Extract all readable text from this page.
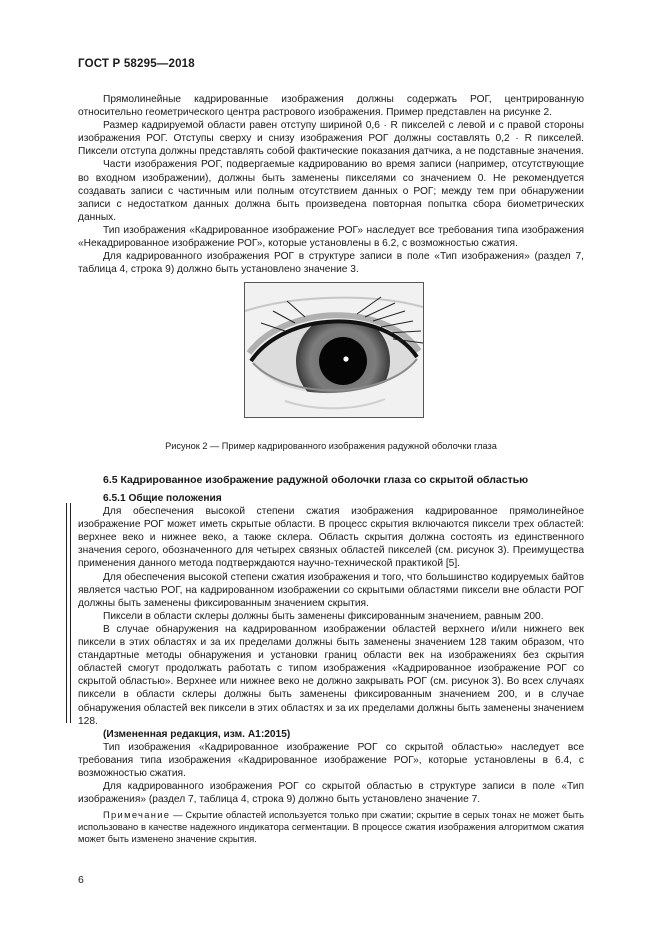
ГОСТ Р 58295—2018

Прямолинейные кадрированные изображения должны содержать РОГ, центрированную относительно геометрического центра растрового изображения. Пример представлен на рисунке 2.

Размер кадрируемой области равен отступу шириной 0,6 · R пикселей с левой и с правой стороны изображения РОГ. Отступы сверху и снизу изображения РОГ должны составлять 0,2 · R пикселей. Пиксели отступа должны представлять собой фактические показания датчика, а не подставные значения.

Части изображения РОГ, подвергаемые кадрированию во время записи (например, отсутствующие во входном изображении), должны быть заменены пикселями со значением 0. Не рекомендуется создавать записи с частичным или полным отсутствием данных о РОГ; между тем при обнаружении записи с недостатком данных должна быть произведена повторная попытка сбора биометрических данных.

Тип изображения «Кадрированное изображение РОГ» наследует все требования типа изображения «Некадрированное изображение РОГ», которые установлены в 6.2, с возможностью сжатия.

Для кадрированного изображения РОГ в структуре записи в поле «Тип изображения» (раздел 7, таблица 4, строка 9) должно быть установлено значение 3.

Рисунок 2 — Пример кадрированного изображения радужной оболочки глаза
6.5 Кадрированное изображение радужной оболочки глаза со скрытой областью

6.5.1 Общие положения

Для обеспечения высокой степени сжатия изображения кадрированное прямолинейное изображение РОГ может иметь скрытые области. В процесс скрытия включаются пиксели трех областей: верхнее веко и нижнее веко, а также склера. Область скрытия должна состоять из единственного значения серого, обозначенного для четырех связных областей пикселей (см. рисунок 3). Преимущества применения данного метода подтверждаются научно-технической практикой [5].

Для обеспечения высокой степени сжатия изображения и того, что большинство кодируемых байтов является частью РОГ, на кадрированном изображении со скрытыми областями пиксели вне области РОГ должны быть заменены фиксированным значением скрытия.

Пиксели в области склеры должны быть заменены фиксированным значением, равным 200.

В случае обнаружения на кадрированном изображении областей верхнего и/или нижнего век пиксели в этих областях и за их пределами должны быть заменены значением 128 таким образом, что стандартные методы обнаружения и установки границ области век на изображениях без скрытия областей смогут продолжать работать с типом изображения «Кадрированное изображение РОГ со скрытой областью». Верхнее или нижнее веко не должно закрывать РОГ (см. рисунок 3). Во всех случаях пиксели в области склеры должны быть заменены фиксированным значением 200, и в случае обнаружения областей век пиксели в этих областях и за их пределами должны быть заменены значением 128.

(Измененная редакция, изм. А1:2015)

Тип изображения «Кадрированное изображение РОГ со скрытой областью» наследует все требования типа изображения «Кадрированное изображение РОГ», которые установлены в 6.4, с возможностью сжатия.

Для кадрированного изображения РОГ со скрытой областью в структуре записи в поле «Тип изображения» (раздел 7, таблица 4, строка 9) должно быть установлено значение 7.

Примечание — Скрытие областей используется только при сжатии; скрытие в серых тонах не может быть использовано в качестве надежного индикатора сегментации. В процессе сжатия изображения алгоритмом сжатия может быть изменено значение скрытия.

6
